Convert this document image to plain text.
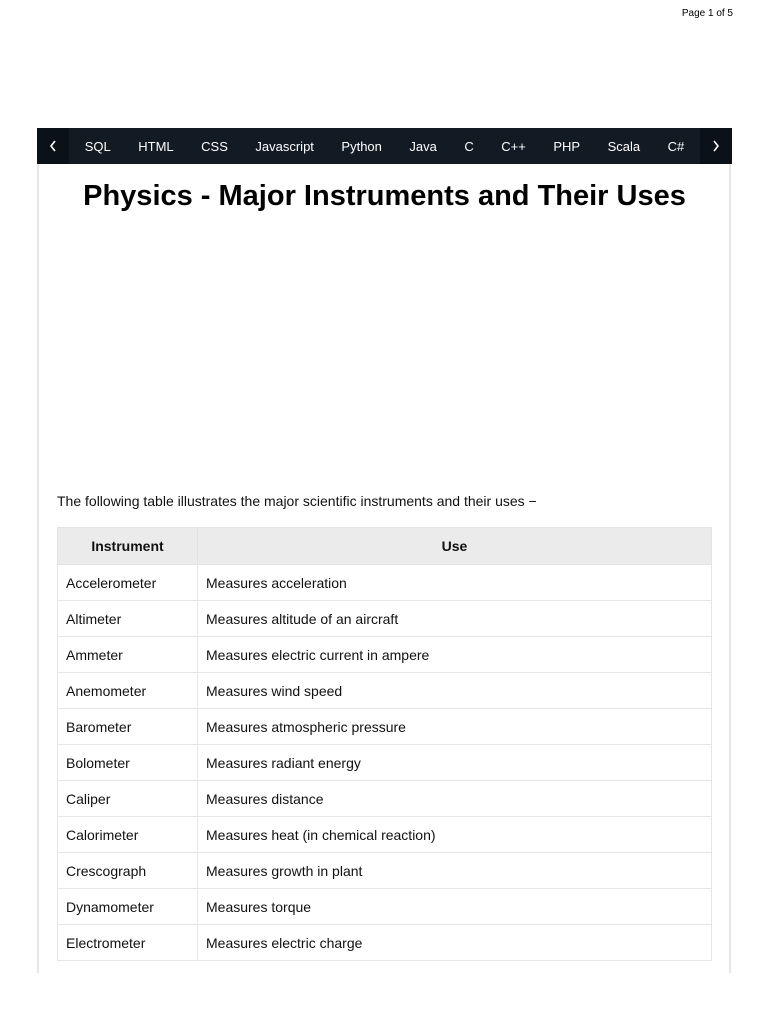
Page 1 of 5
SQL HTML CSS Javascript Python Java C C++ PHP Scala C#
Physics - Major Instruments and Their Uses

The following table illustrates the major scientific instruments and their uses −

Instrument	Use
Accelerometer	Measures acceleration
Altimeter	Measures altitude of an aircraft
Ammeter	Measures electric current in ampere
Anemometer	Measures wind speed
Barometer	Measures atmospheric pressure
Bolometer	Measures radiant energy
Caliper	Measures distance
Calorimeter	Measures heat (in chemical reaction)
Crescograph	Measures growth in plant
Dynamometer	Measures torque
Electrometer	Measures electric charge
